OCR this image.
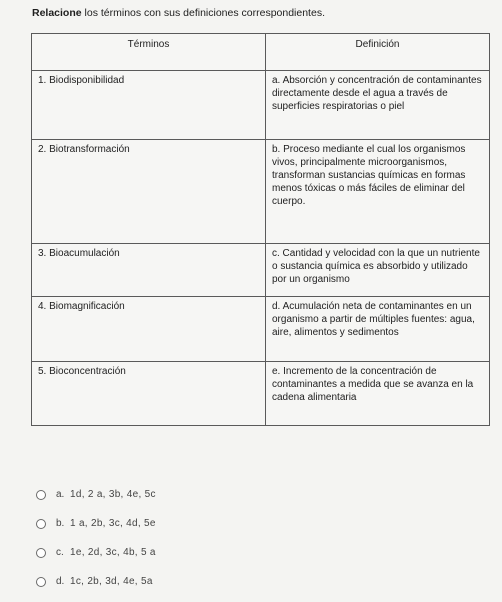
Relacione los términos con sus definiciones correspondientes.
Términos	Definición
1. Biodisponibilidad	a. Absorción y concentración de contaminantes directamente desde el agua a través de superficies respiratorias o piel
2. Biotransformación	b. Proceso mediante el cual los organismos vivos, principalmente microorganismos, transforman sustancias químicas en formas menos tóxicas o más fáciles de eliminar del cuerpo.
3. Bioacumulación	c. Cantidad y velocidad con la que un nutriente o sustancia química es absorbido y utilizado por un organismo
4. Biomagnificación	d. Acumulación neta de contaminantes en un organismo a partir de múltiples fuentes: agua, aire, alimentos y sedimentos
5. Bioconcentración	e. Incremento de la concentración de contaminantes a medida que se avanza en la cadena alimentaria
a. 1d, 2 a, 3b, 4e, 5c
b. 1 a, 2b, 3c, 4d, 5e
c. 1e, 2d, 3c, 4b, 5 a
d. 1c, 2b, 3d, 4e, 5a
